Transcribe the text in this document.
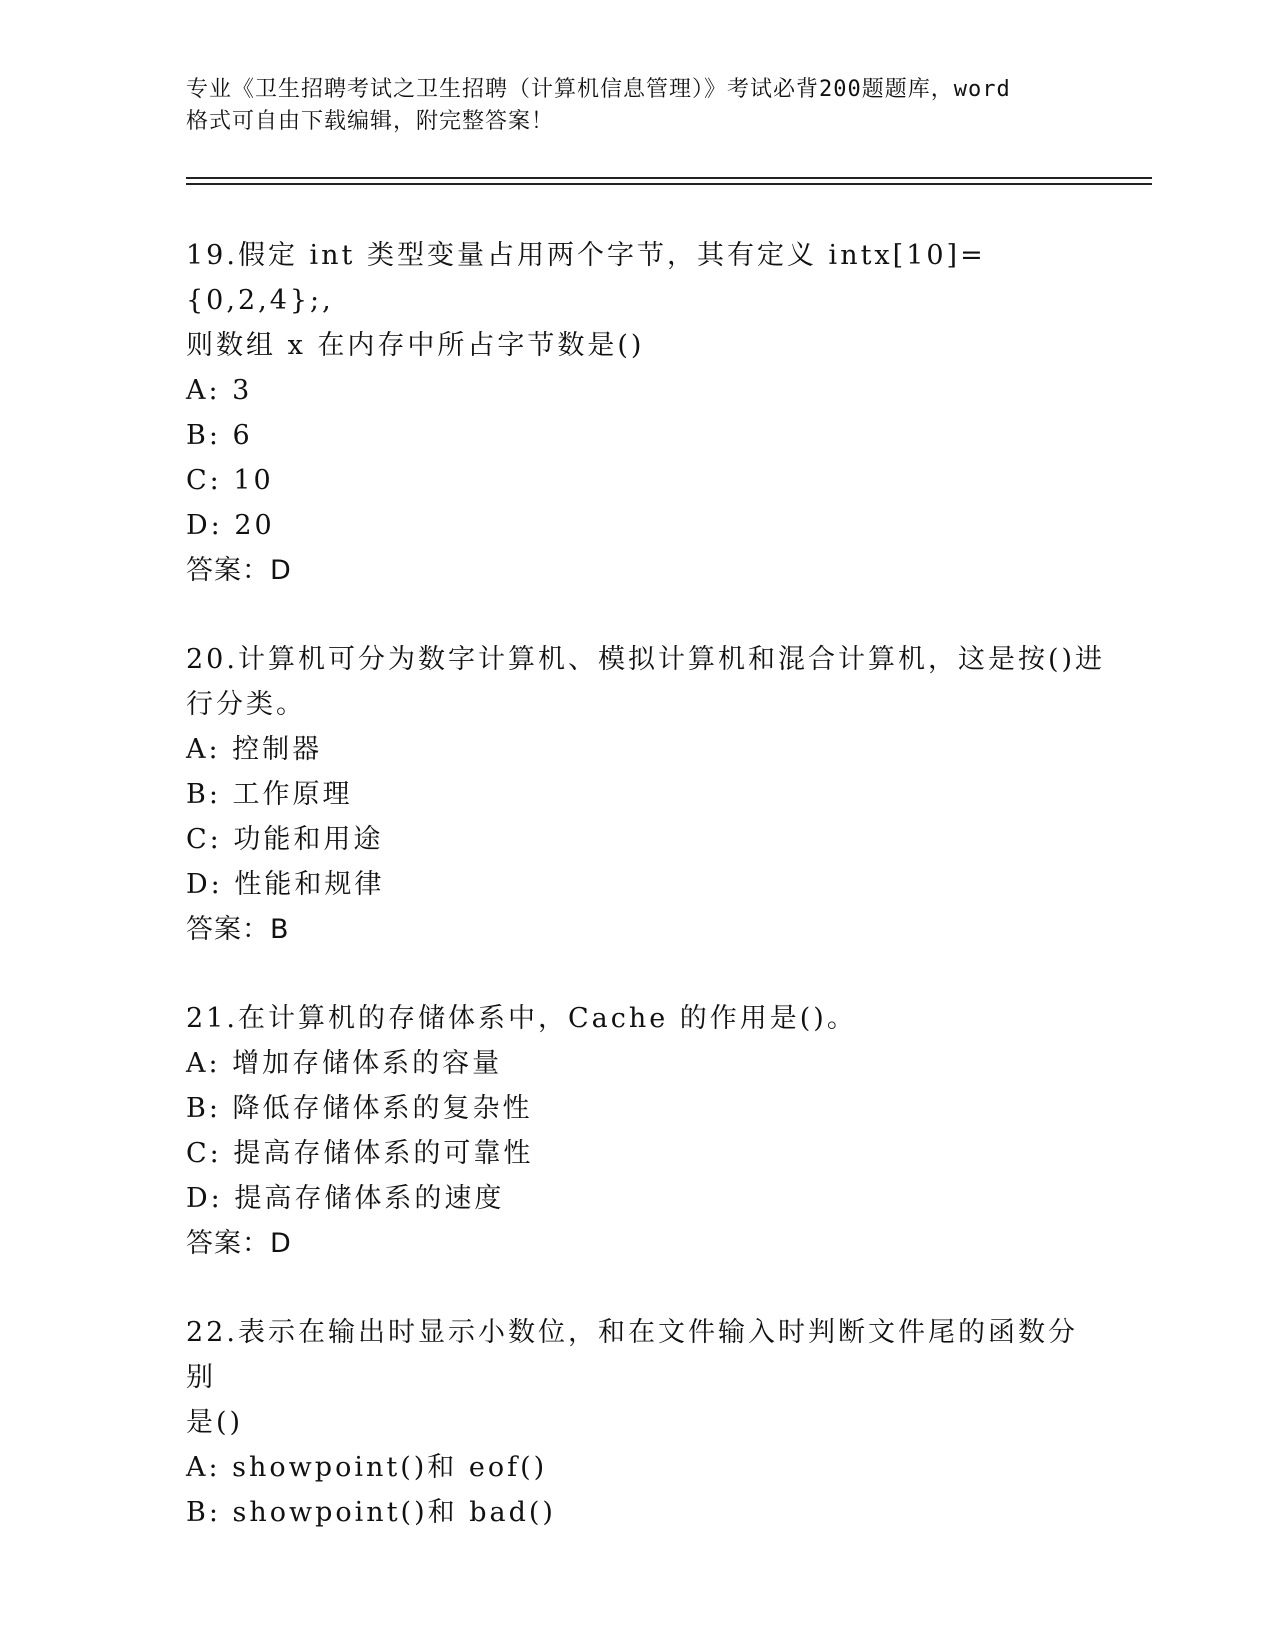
专业《卫生招聘考试之卫生招聘（计算机信息管理）》考试必背200题题库，word
格式可自由下载编辑，附完整答案！
19.假定 int 类型变量占用两个字节，其有定义 intx[10]={0,2,4};,
则数组 x 在内存中所占字节数是()
A: 3
B: 6
C: 10
D: 20
答案：D
20.计算机可分为数字计算机、模拟计算机和混合计算机，这是按()进
行分类。
A: 控制器
B: 工作原理
C: 功能和用途
D: 性能和规律
答案：B
21.在计算机的存储体系中，Cache 的作用是()。
A: 增加存储体系的容量
B: 降低存储体系的复杂性
C: 提高存储体系的可靠性
D: 提高存储体系的速度
答案：D
22.表示在输出时显示小数位，和在文件输入时判断文件尾的函数分别
是()
A: showpoint()和 eof()
B: showpoint()和 bad()
